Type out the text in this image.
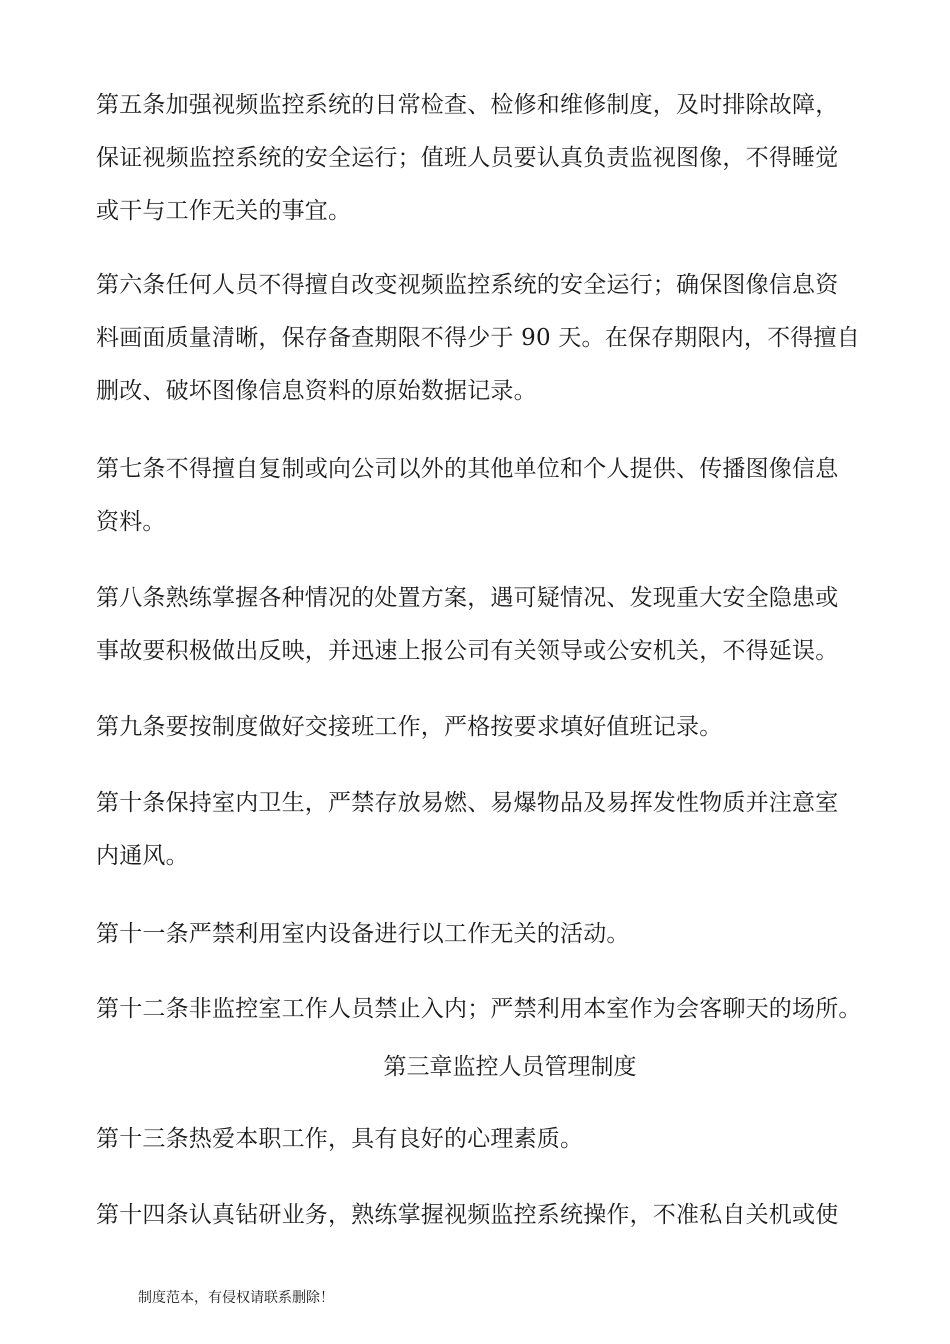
第五条加强视频监控系统的日常检查、检修和维修制度，及时排除故障，
保证视频监控系统的安全运行；值班人员要认真负责监视图像，不得睡觉
或干与工作无关的事宜。
第六条任何人员不得擅自改变视频监控系统的安全运行；确保图像信息资
料画面质量清晰，保存备查期限不得少于 90 天。在保存期限内，不得擅自
删改、破坏图像信息资料的原始数据记录。
第七条不得擅自复制或向公司以外的其他单位和个人提供、传播图像信息
资料。
第八条熟练掌握各种情况的处置方案，遇可疑情况、发现重大安全隐患或
事故要积极做出反映，并迅速上报公司有关领导或公安机关，不得延误。
第九条要按制度做好交接班工作，严格按要求填好值班记录。
第十条保持室内卫生，严禁存放易燃、易爆物品及易挥发性物质并注意室
内通风。
第十一条严禁利用室内设备进行以工作无关的活动。
第十二条非监控室工作人员禁止入内；严禁利用本室作为会客聊天的场所。
第三章监控人员管理制度
第十三条热爱本职工作，具有良好的心理素质。
第十四条认真钻研业务，熟练掌握视频监控系统操作，不准私自关机或使
制度范本，有侵权请联系删除！
